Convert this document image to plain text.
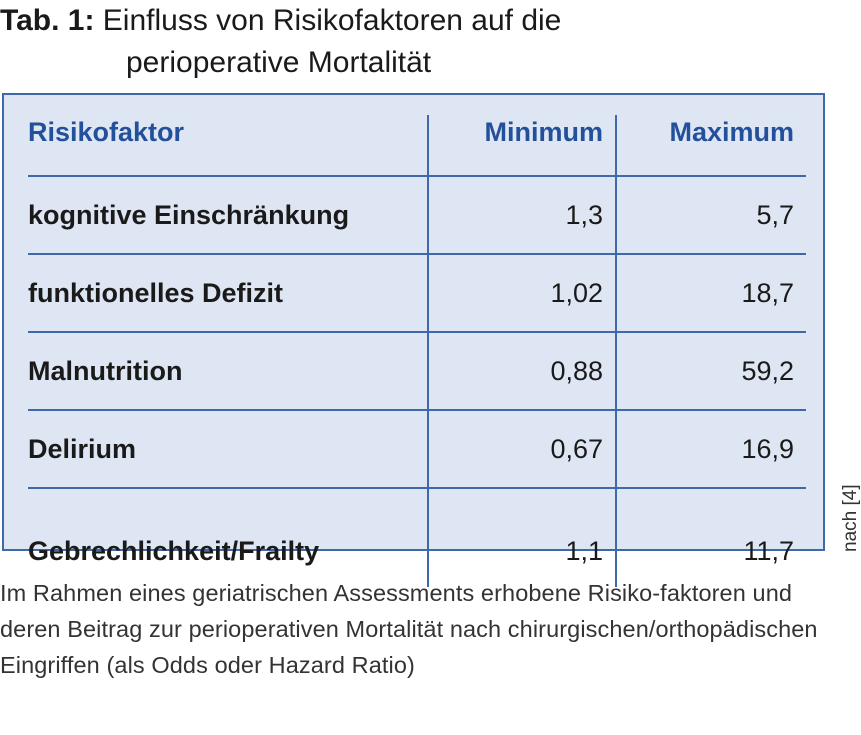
Tab. 1: Einfluss von Risikofaktoren auf die
perioperative Mortalität
Risikofaktor	Minimum	Maximum
kognitive Einschränkung	1,3	5,7
funktionelles Defizit	1,02	18,7
Malnutrition	0,88	59,2
Delirium	0,67	16,9
Gebrechlichkeit/Frailty	1,1	11,7 nach [4]
Im Rahmen eines geriatrischen Assessments erhobene Risiko-faktoren und deren Beitrag zur perioperativen Mortalität nach chirurgischen/orthopädischen Eingriffen (als Odds oder Hazard Ratio)
